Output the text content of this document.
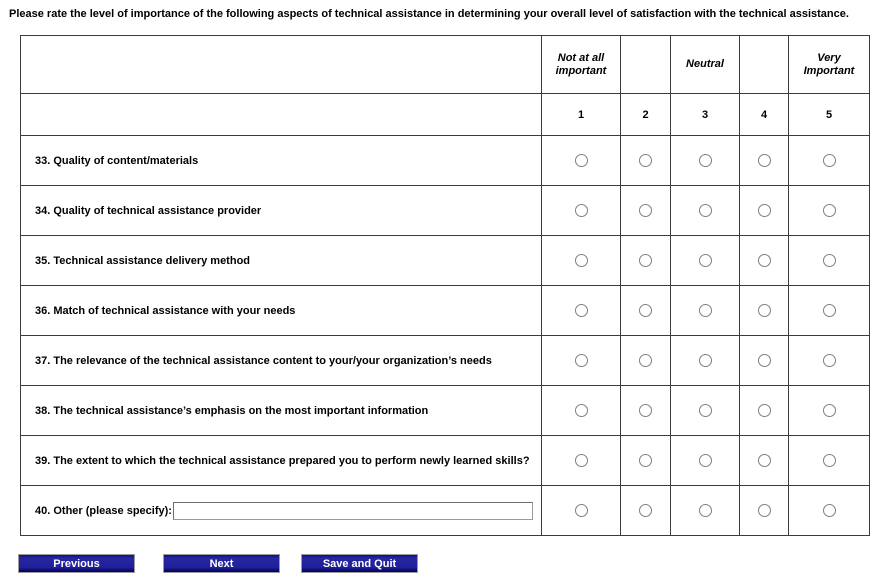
Please rate the level of importance of the following aspects of technical assistance in determining your overall level of satisfaction with the technical assistance.

	Not at all important		Neutral		Very Important
	1	2	3	4	5
33. Quality of content/materials					
34. Quality of technical assistance provider					
35. Technical assistance delivery method					
36. Match of technical assistance with your needs					
37. The relevance of the technical assistance content to your/your organization’s needs					
38. The technical assistance’s emphasis on the most important information					
39. The extent to which the technical assistance prepared you to perform newly learned skills?					

40. Other (please specify):					

Previous	Next	Save and Quit
